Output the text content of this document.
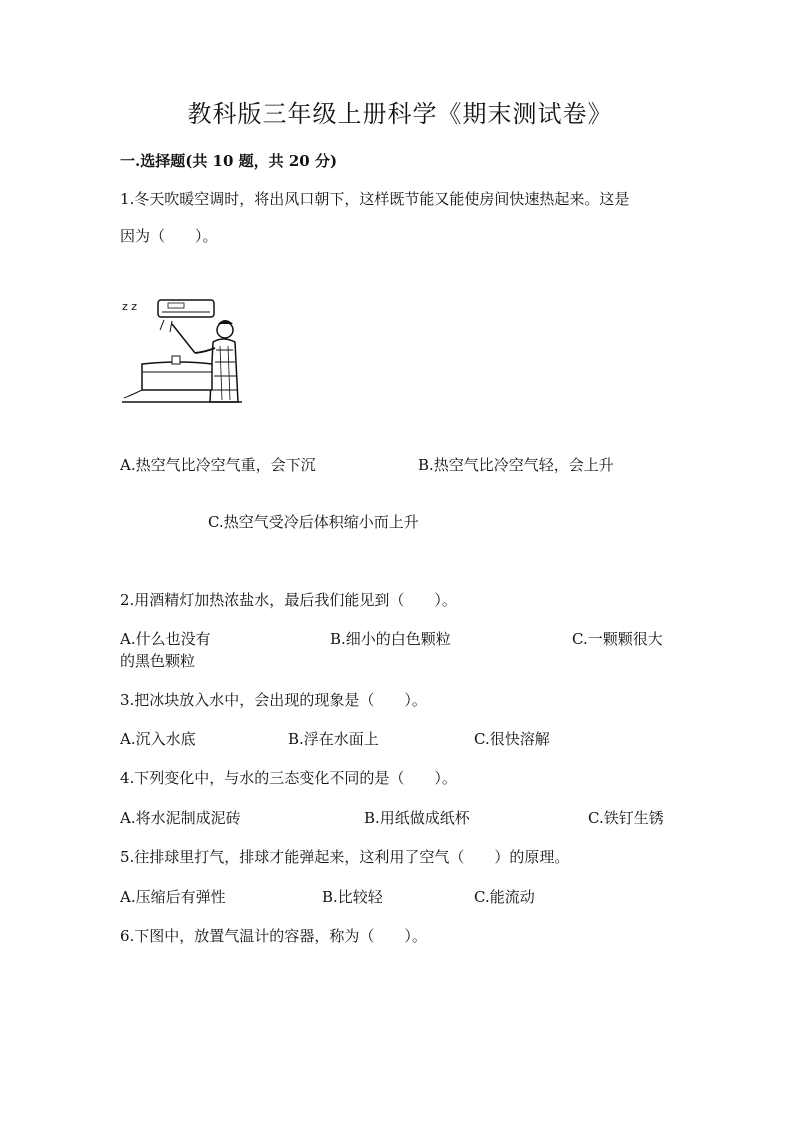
教科版三年级上册科学《期末测试卷》
一.选择题(共 10 题，共 20 分)
1.冬天吹暖空调时，将出风口朝下，这样既节能又能使房间快速热起来。这是
因为（　　）。
z z
A.热空气比冷空气重，会下沉	B.热空气比冷空气轻，会上升
C.热空气受冷后体积缩小而上升
2.用酒精灯加热浓盐水，最后我们能见到（　　）。
A.什么也没有	B.细小的白色颗粒	C.一颗颗很大
的黑色颗粒
3.把冰块放入水中，会出现的现象是（　　）。
A.沉入水底	B.浮在水面上	C.很快溶解
4.下列变化中，与水的三态变化不同的是（　　）。
A.将水泥制成泥砖	B.用纸做成纸杯	C.铁钉生锈
5.往排球里打气，排球才能弹起来，这利用了空气（　　）的原理。
A.压缩后有弹性	B.比较轻	C.能流动
6.下图中，放置气温计的容器，称为（　　）。
